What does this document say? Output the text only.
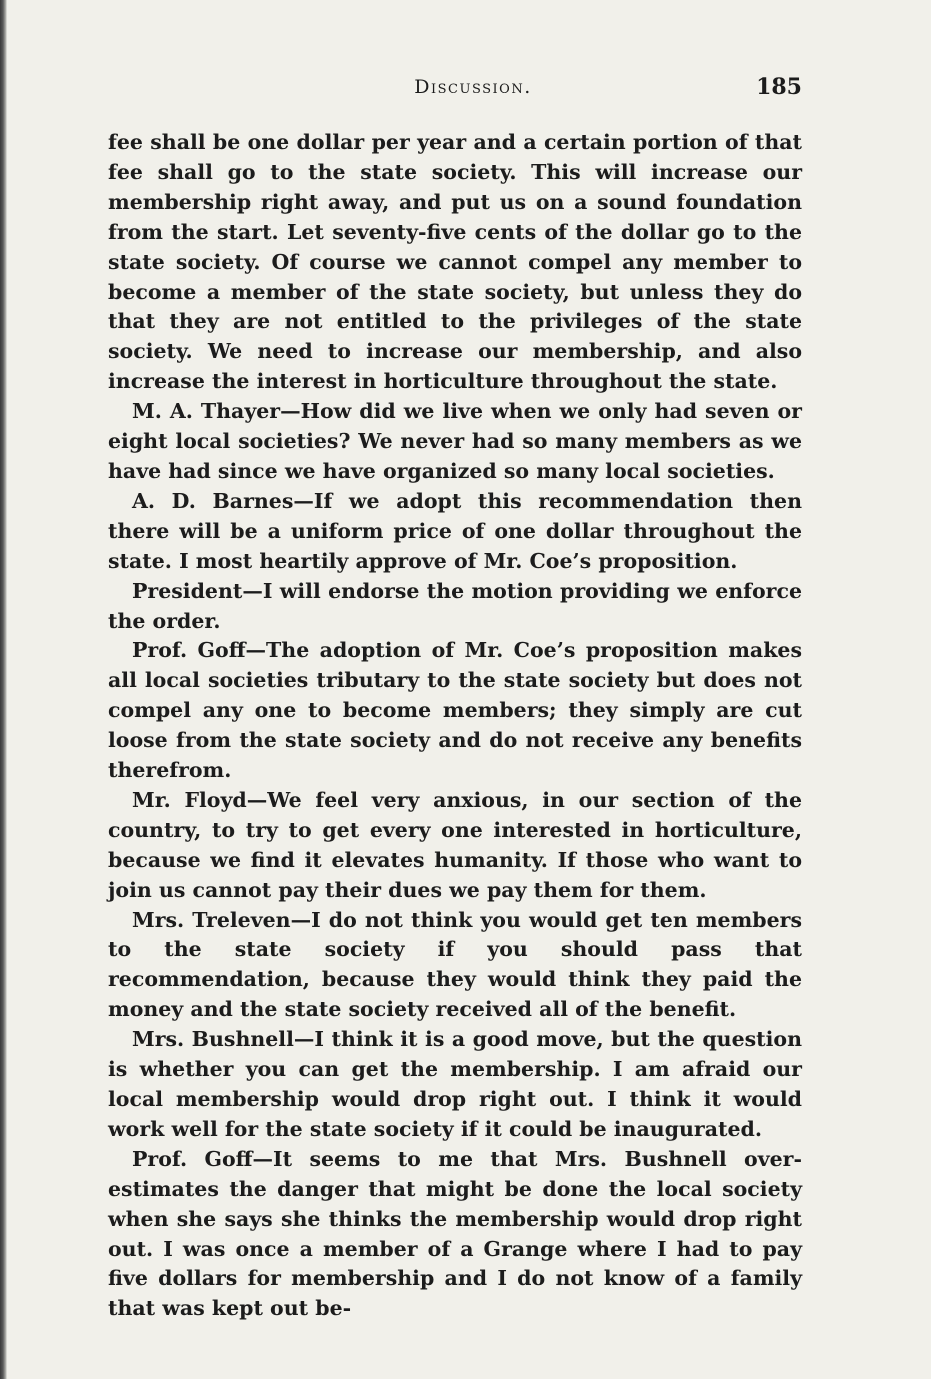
Discussion.	185

fee shall be one dollar per year and a certain portion of that fee shall go to the state society. This will increase our membership right away, and put us on a sound foundation from the start. Let seventy-five cents of the dollar go to the state society. Of course we cannot compel any member to become a member of the state society, but unless they do that they are not entitled to the privileges of the state society. We need to increase our membership, and also increase the interest in horticulture throughout the state.

M. A. Thayer—How did we live when we only had seven or eight local societies? We never had so many members as we have had since we have organized so many local societies.

A. D. Barnes—If we adopt this recommendation then there will be a uniform price of one dollar throughout the state. I most heartily approve of Mr. Coe’s proposition.

President—I will endorse the motion providing we enforce the order.

Prof. Goff—The adoption of Mr. Coe’s proposition makes all local societies tributary to the state society but does not compel any one to become members; they simply are cut loose from the state society and do not receive any benefits therefrom.

Mr. Floyd—We feel very anxious, in our section of the country, to try to get every one interested in horticulture, because we find it elevates humanity. If those who want to join us cannot pay their dues we pay them for them.

Mrs. Treleven—I do not think you would get ten members to the state society if you should pass that recommendation, because they would think they paid the money and the state society received all of the benefit.

Mrs. Bushnell—I think it is a good move, but the question is whether you can get the membership. I am afraid our local membership would drop right out. I think it would work well for the state society if it could be inaugurated.

Prof. Goff—It seems to me that Mrs. Bushnell over-estimates the danger that might be done the local society when she says she thinks the membership would drop right out. I was once a member of a Grange where I had to pay five dollars for membership and I do not know of a family that was kept out be-
